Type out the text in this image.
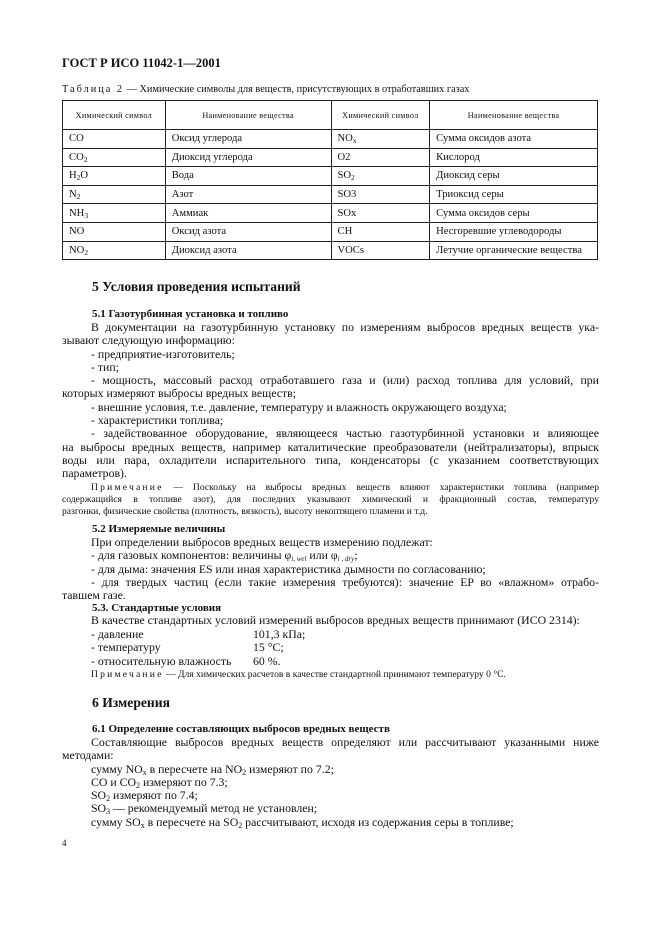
ГОСТ Р ИСО 11042-1—2001
Таблица 2 — Химические символы для веществ, присутствующих в отработавших газах
Химический символ	Наименование вещества	Химический символ	Наименование вещества
CO	Оксид углерода	$NO_x$	Сумма оксидов азота
$CO_2$	Диоксид углерода	O2	Кислород
$H_2O$	Вода	$SO_2$	Диоксид серы
$N_2$	Азот	SO3	Триоксид серы
$NH_3$	Аммиак	SOx	Сумма оксидов серы
NO	Оксид азота	CH	Несгоревшие углеводороды
$NO_2$	Диоксид азота	VOCs	Летучие органические вещества
5 Условия проведения испытаний
5.1 Газотурбинная установка и топливо
В документации на газотурбинную установку по измерениям выбросов вредных веществ ука-
зывают следующую информацию:
- предприятие-изготовитель;
- тип;
- мощность, массовый расход отработавшего газа и (или) расход топлива для условий, при
которых измеряют выбросы вредных веществ;
- внешние условия, т.е. давление, температуру и влажность окружающего воздуха;
- характеристики топлива;
- задействованное оборудование, являющееся частью газотурбинной установки и влияющее
на выбросы вредных веществ, например каталитические преобразователи (нейтрализаторы), впрыск
воды или пара, охладители испарительного типа, конденсаторы (с указанием соответствующих
параметров).
Примечание — Поскольку на выбросы вредных веществ влияют характеристики топлива (например
содержащийся в топливе азот), для последних указывают химический и фракционный состав, температуру
разгонки, физические свойства (плотность, вязкость), высоту некоптящего пламени и т.д.
5.2 Измеряемые величины
При определении выбросов вредных веществ измерению подлежат:
- для газовых компонентов: величины $\varphi_{i, wel}$ или $\varphi_{i , dry}$;
- для дыма: значения ES или иная характеристика дымности по согласованию;
- для твердых частиц (если такие измерения требуются): значение EP во «влажном» отрабо-
тавшем газе.
5.3. Стандартные условия
В качестве стандартных условий измерений выбросов вредных веществ принимают (ИСО 2314):
- давление	101,3 кПа;
- температуру	15 °С;
- относительную влажность 60 %.
Примечание — Для химических расчетов в качестве стандартной принимают температуру 0 °С.
6 Измерения
6.1 Определение составляющих выбросов вредных веществ
Составляющие выбросов вредных веществ определяют или рассчитывают указанными ниже
методами:
сумму $NO_x$ в пересчете на $NO_2$ измеряют по 7.2;
CO и $CO_2$ измеряют по 7.3;
$SO_2$ измеряют по 7.4;
$SO_3$ — рекомендуемый метод не установлен;
сумму $SO_x$ в пересчете на $SO_2$ рассчитывают, исходя из содержания серы в топливе;
4
